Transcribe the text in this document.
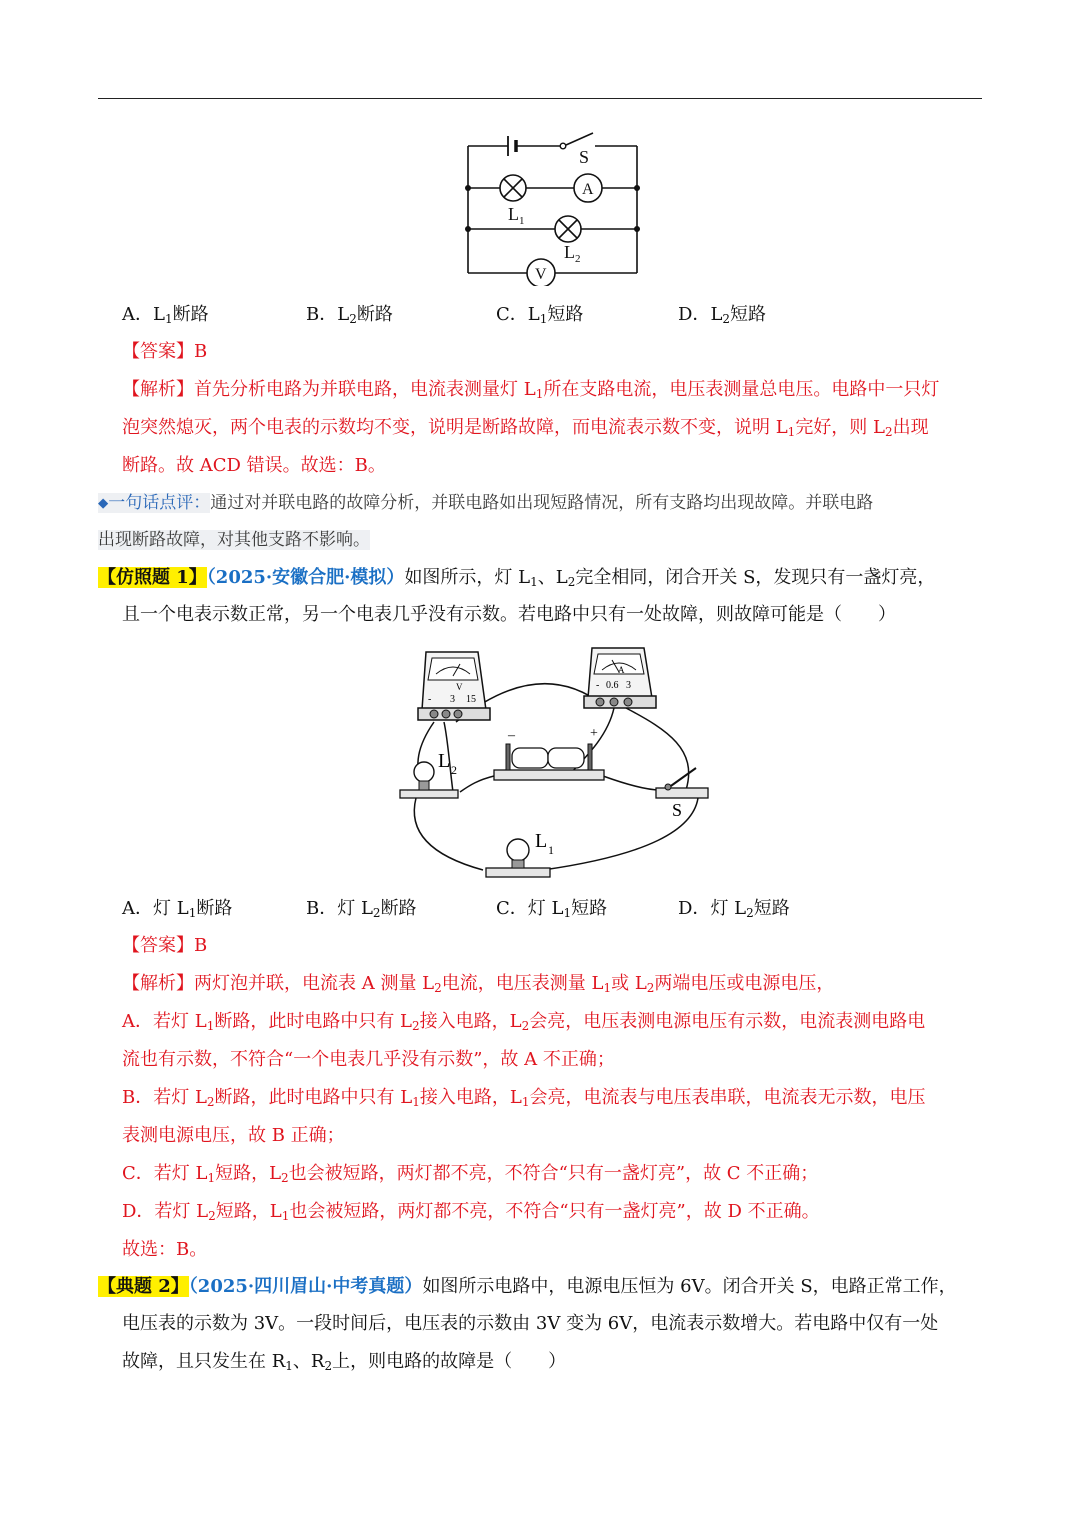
S
A
V
L 1
L 2
A．$L_1$断路	B．$L_2$断路	C．$L_1$短路	D．$L_2$短路
【答案】B
【解析】首先分析电路为并联电路，电流表测量灯 $L_1$所在支路电流，电压表测量总电压。电路中一只灯
泡突然熄灭，两个电表的示数均不变，说明是断路故障，而电流表示数不变，说明 $L_1$完好，则 $L_2$出现
断路。故 ACD 错误。故选：B。
◆一句话点评：通过对并联电路的故障分析，并联电路如出现短路情况，所有支路均出现故障。并联电路
出现断路故障，对其他支路不影响。
【仿照题 1】（2025·安徽合肥·模拟）如图所示，灯 $L_1$、$L_2$完全相同，闭合开关 S，发现只有一盏灯亮，
且一个电表示数正常，另一个电表几乎没有示数。若电路中只有一处故障，则故障可能是（　　）
V
- 3 15
A
- 0.6 3
L 2
–	+
S
L 1
A．灯 $L_1$断路	B．灯 $L_2$断路	C．灯 $L_1$短路	D．灯 $L_2$短路
【答案】B
【解析】两灯泡并联，电流表 A 测量 $L_2$电流，电压表测量 $L_1$或 $L_2$两端电压或电源电压，
A．若灯 $L_1$断路，此时电路中只有 $L_2$接入电路，$L_2$会亮，电压表测电源电压有示数，电流表测电路电
流也有示数，不符合“一个电表几乎没有示数”，故 A 不正确；
B．若灯 $L_2$断路，此时电路中只有 $L_1$接入电路，$L_1$会亮，电流表与电压表串联，电流表无示数，电压
表测电源电压，故 B 正确；
C．若灯 $L_1$短路，$L_2$也会被短路，两灯都不亮，不符合“只有一盏灯亮”，故 C 不正确；
D．若灯 $L_2$短路，$L_1$也会被短路，两灯都不亮，不符合“只有一盏灯亮”，故 D 不正确。
故选：B。
【典题 2】（2025·四川眉山·中考真题）如图所示电路中，电源电压恒为 6V。闭合开关 S，电路正常工作，
电压表的示数为 3V。一段时间后，电压表的示数由 3V 变为 6V，电流表示数增大。若电路中仅有一处
故障，且只发生在 $R_1$、$R_2$上，则电路的故障是（　　）
